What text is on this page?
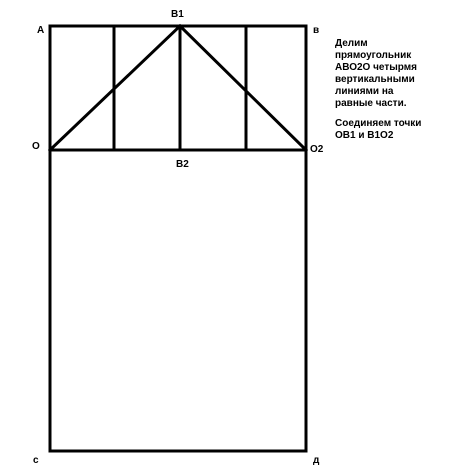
A
B1
в
O	O2
B2
c	д
Делим
прямоугольник
АВО2О четырмя
вертикальными
линиями на
равные части.
Соединяем точки
ОВ1 и В1О2
